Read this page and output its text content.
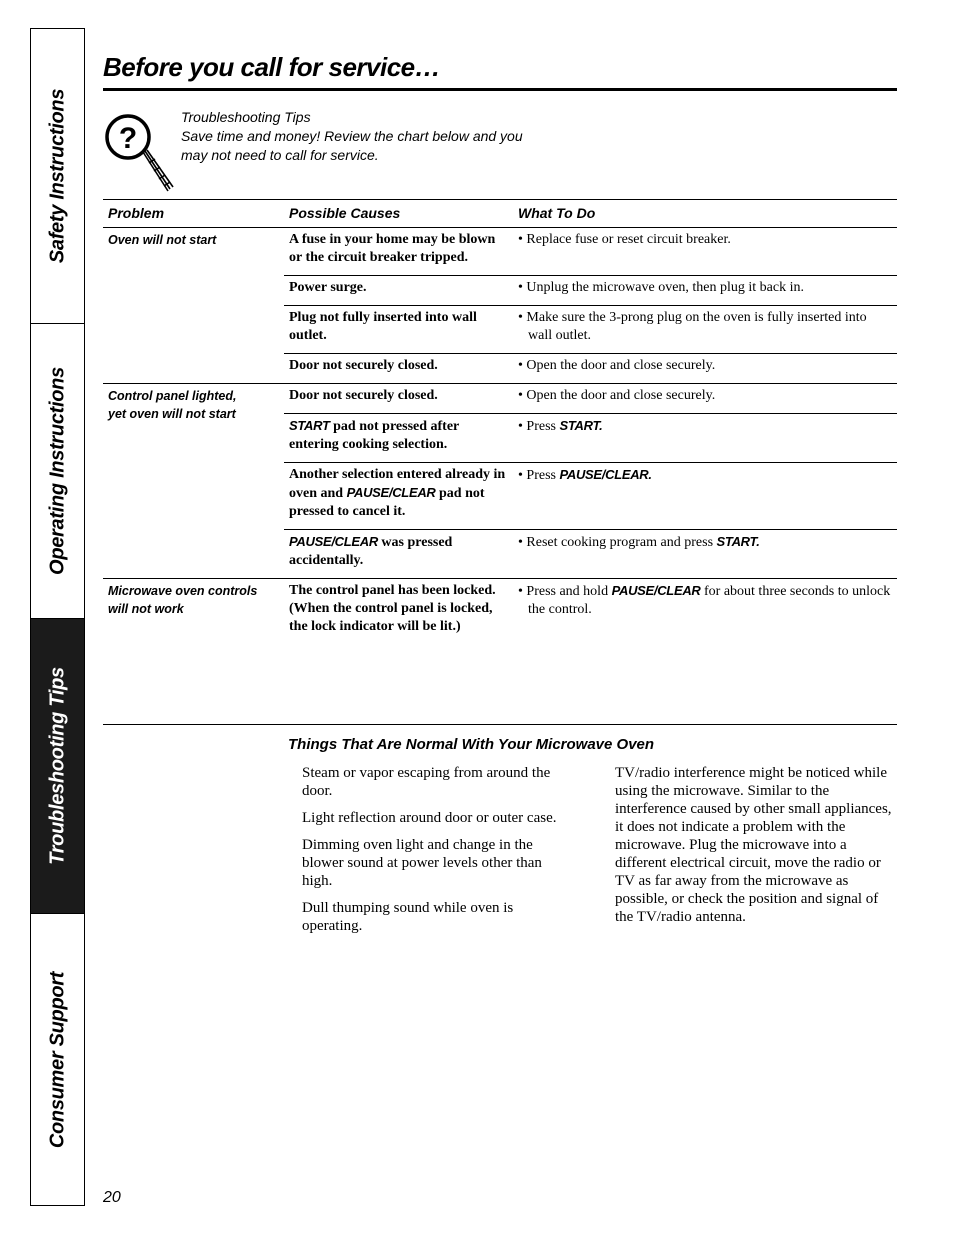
Safety Instructions
Operating Instructions
Troubleshooting Tips
Consumer Support
Before you call for service…
?
Troubleshooting Tips
Save time and money! Review the chart below and you
may not need to call for service.
Problem	Possible Causes	What To Do
Oven will not start	A fuse in your home may be blown or the circuit breaker tripped.	• Replace fuse or reset circuit breaker.

	Power surge.	• Unplug the microwave oven, then plug it back in.

	Plug not fully inserted into wall outlet.	• Make sure the 3-prong plug on the oven is fully inserted into wall outlet.

	Door not securely closed.	• Open the door and close securely.

Control panel lighted,
yet oven will not start	Door not securely closed.	• Open the door and close securely.

	START pad not pressed after entering cooking selection.	• Press START.

	Another selection entered already in oven and PAUSE/CLEAR pad not pressed to cancel it.	• Press PAUSE/CLEAR.

	PAUSE/CLEAR was pressed accidentally.	• Reset cooking program and press START.

Microwave oven controls
will not work	The control panel has been locked. (When the control panel is locked, the lock indicator will be lit.)	• Press and hold PAUSE/CLEAR for about three seconds to unlock the control.
Things That Are Normal With Your Microwave Oven

Steam or vapor escaping from around the door.

Light reflection around door or outer case.

Dimming oven light and change in the blower sound at power levels other than high.

Dull thumping sound while oven is operating.

TV/radio interference might be noticed while using the microwave. Similar to the interference caused by other small appliances, it does not indicate a problem with the microwave. Plug the microwave into a different electrical circuit, move the radio or TV as far away from the microwave as possible, or check the position and signal of the TV/radio antenna.

20
